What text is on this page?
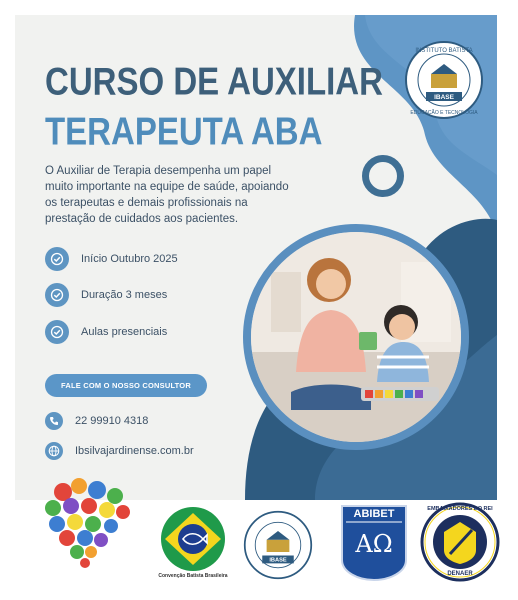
IBASE
INSTITUTO BATISTA
EDUCAÇÃO E TECNOLOGIA
CURSO DE AUXILIAR
TERAPEUTA ABA

O Auxiliar de Terapia desempenha um papel muito importante na equipe de saúde, apoiando os terapeutas e demais profissionais na prestação de cuidados aos pacientes.

Início Outubro 2025
Duração 3 meses
Aulas presenciais
FALE COM O NOSSO CONSULTOR
22 99910 4318
Ibsilvajardinense.com.br
Convenção Batista Brasileira
IBASE
ABIBET
AΩ
EMBAIXADORES DO REI
DENAER
